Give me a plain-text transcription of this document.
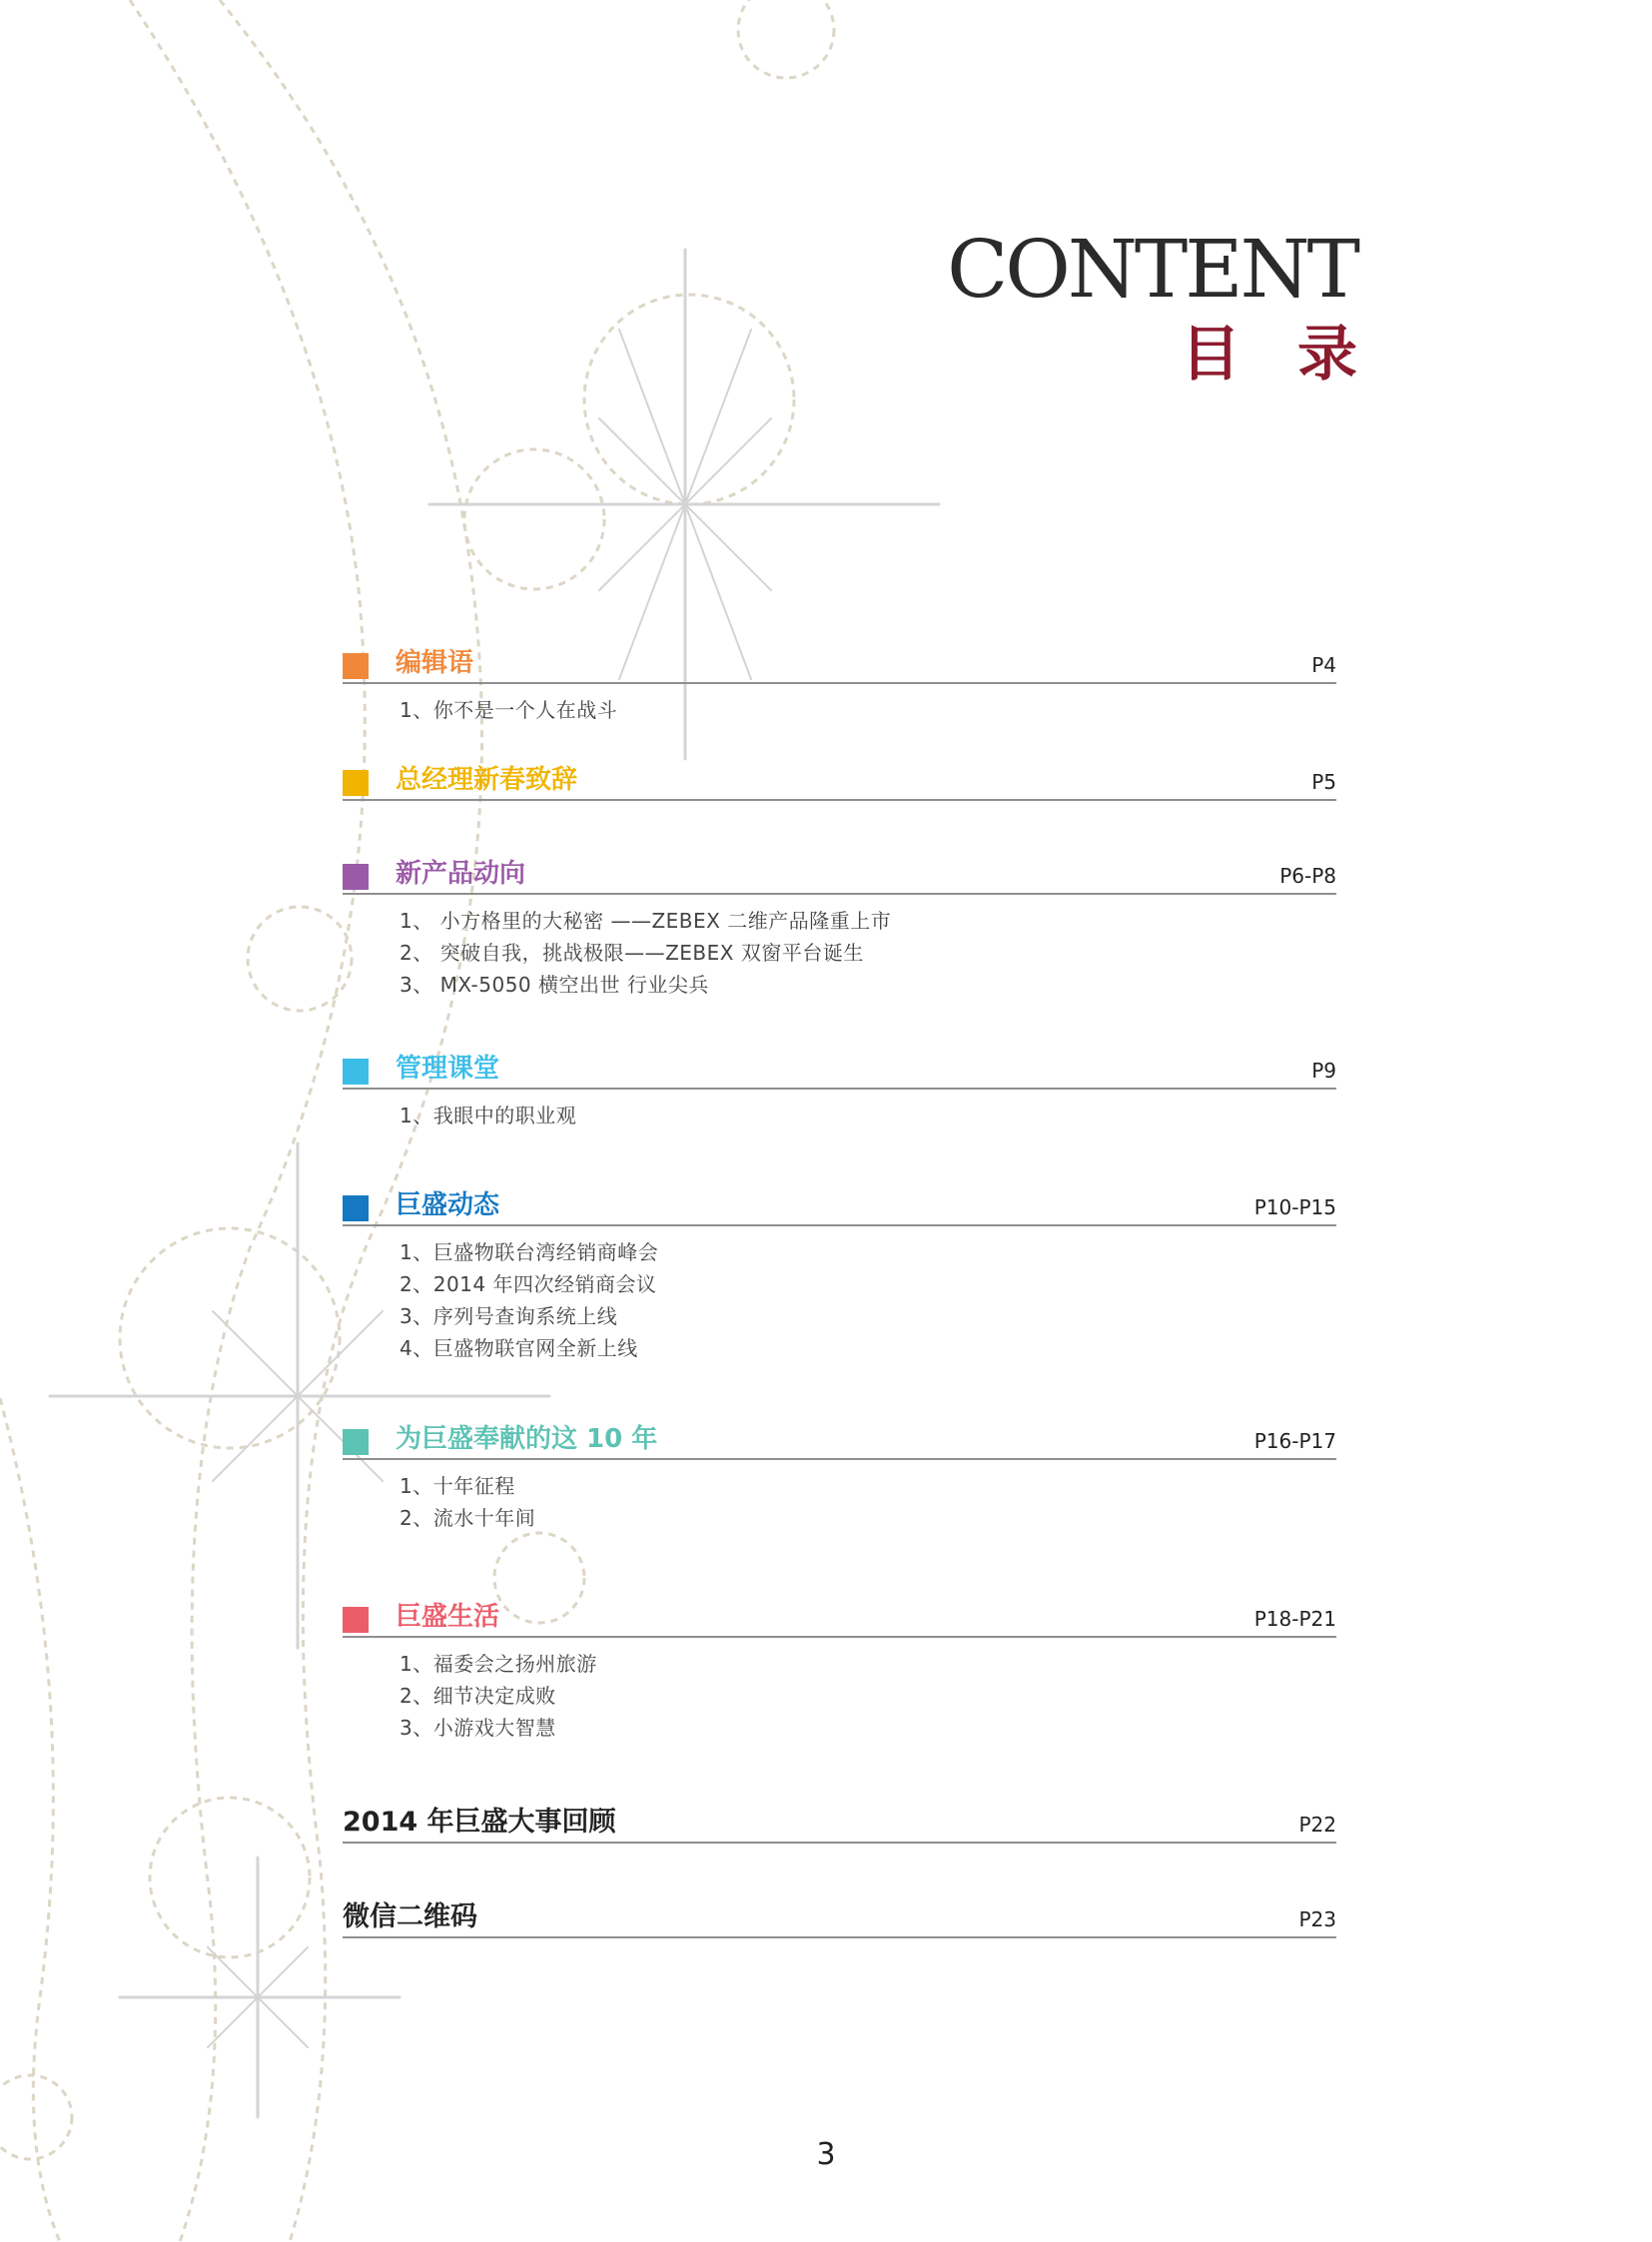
CONTENT
目 录
编辑语	P4
1、你不是一个人在战斗
总经理新春致辞	P5
新产品动向	P6-P8
1、 小方格里的大秘密 ——ZEBEX 二维产品隆重上市
2、 突破自我，挑战极限——ZEBEX 双窗平台诞生
3、 MX-5050 横空出世 行业尖兵
管理课堂	P9
1、我眼中的职业观
巨盛动态	P10-P15
1、巨盛物联台湾经销商峰会
2、2014 年四次经销商会议
3、序列号查询系统上线
4、巨盛物联官网全新上线
为巨盛奉献的这 10 年	P16-P17
1、十年征程
2、流水十年间
巨盛生活	P18-P21
1、福委会之扬州旅游
2、细节决定成败
3、小游戏大智慧
2014 年巨盛大事回顾	P22
微信二维码	P23
3
